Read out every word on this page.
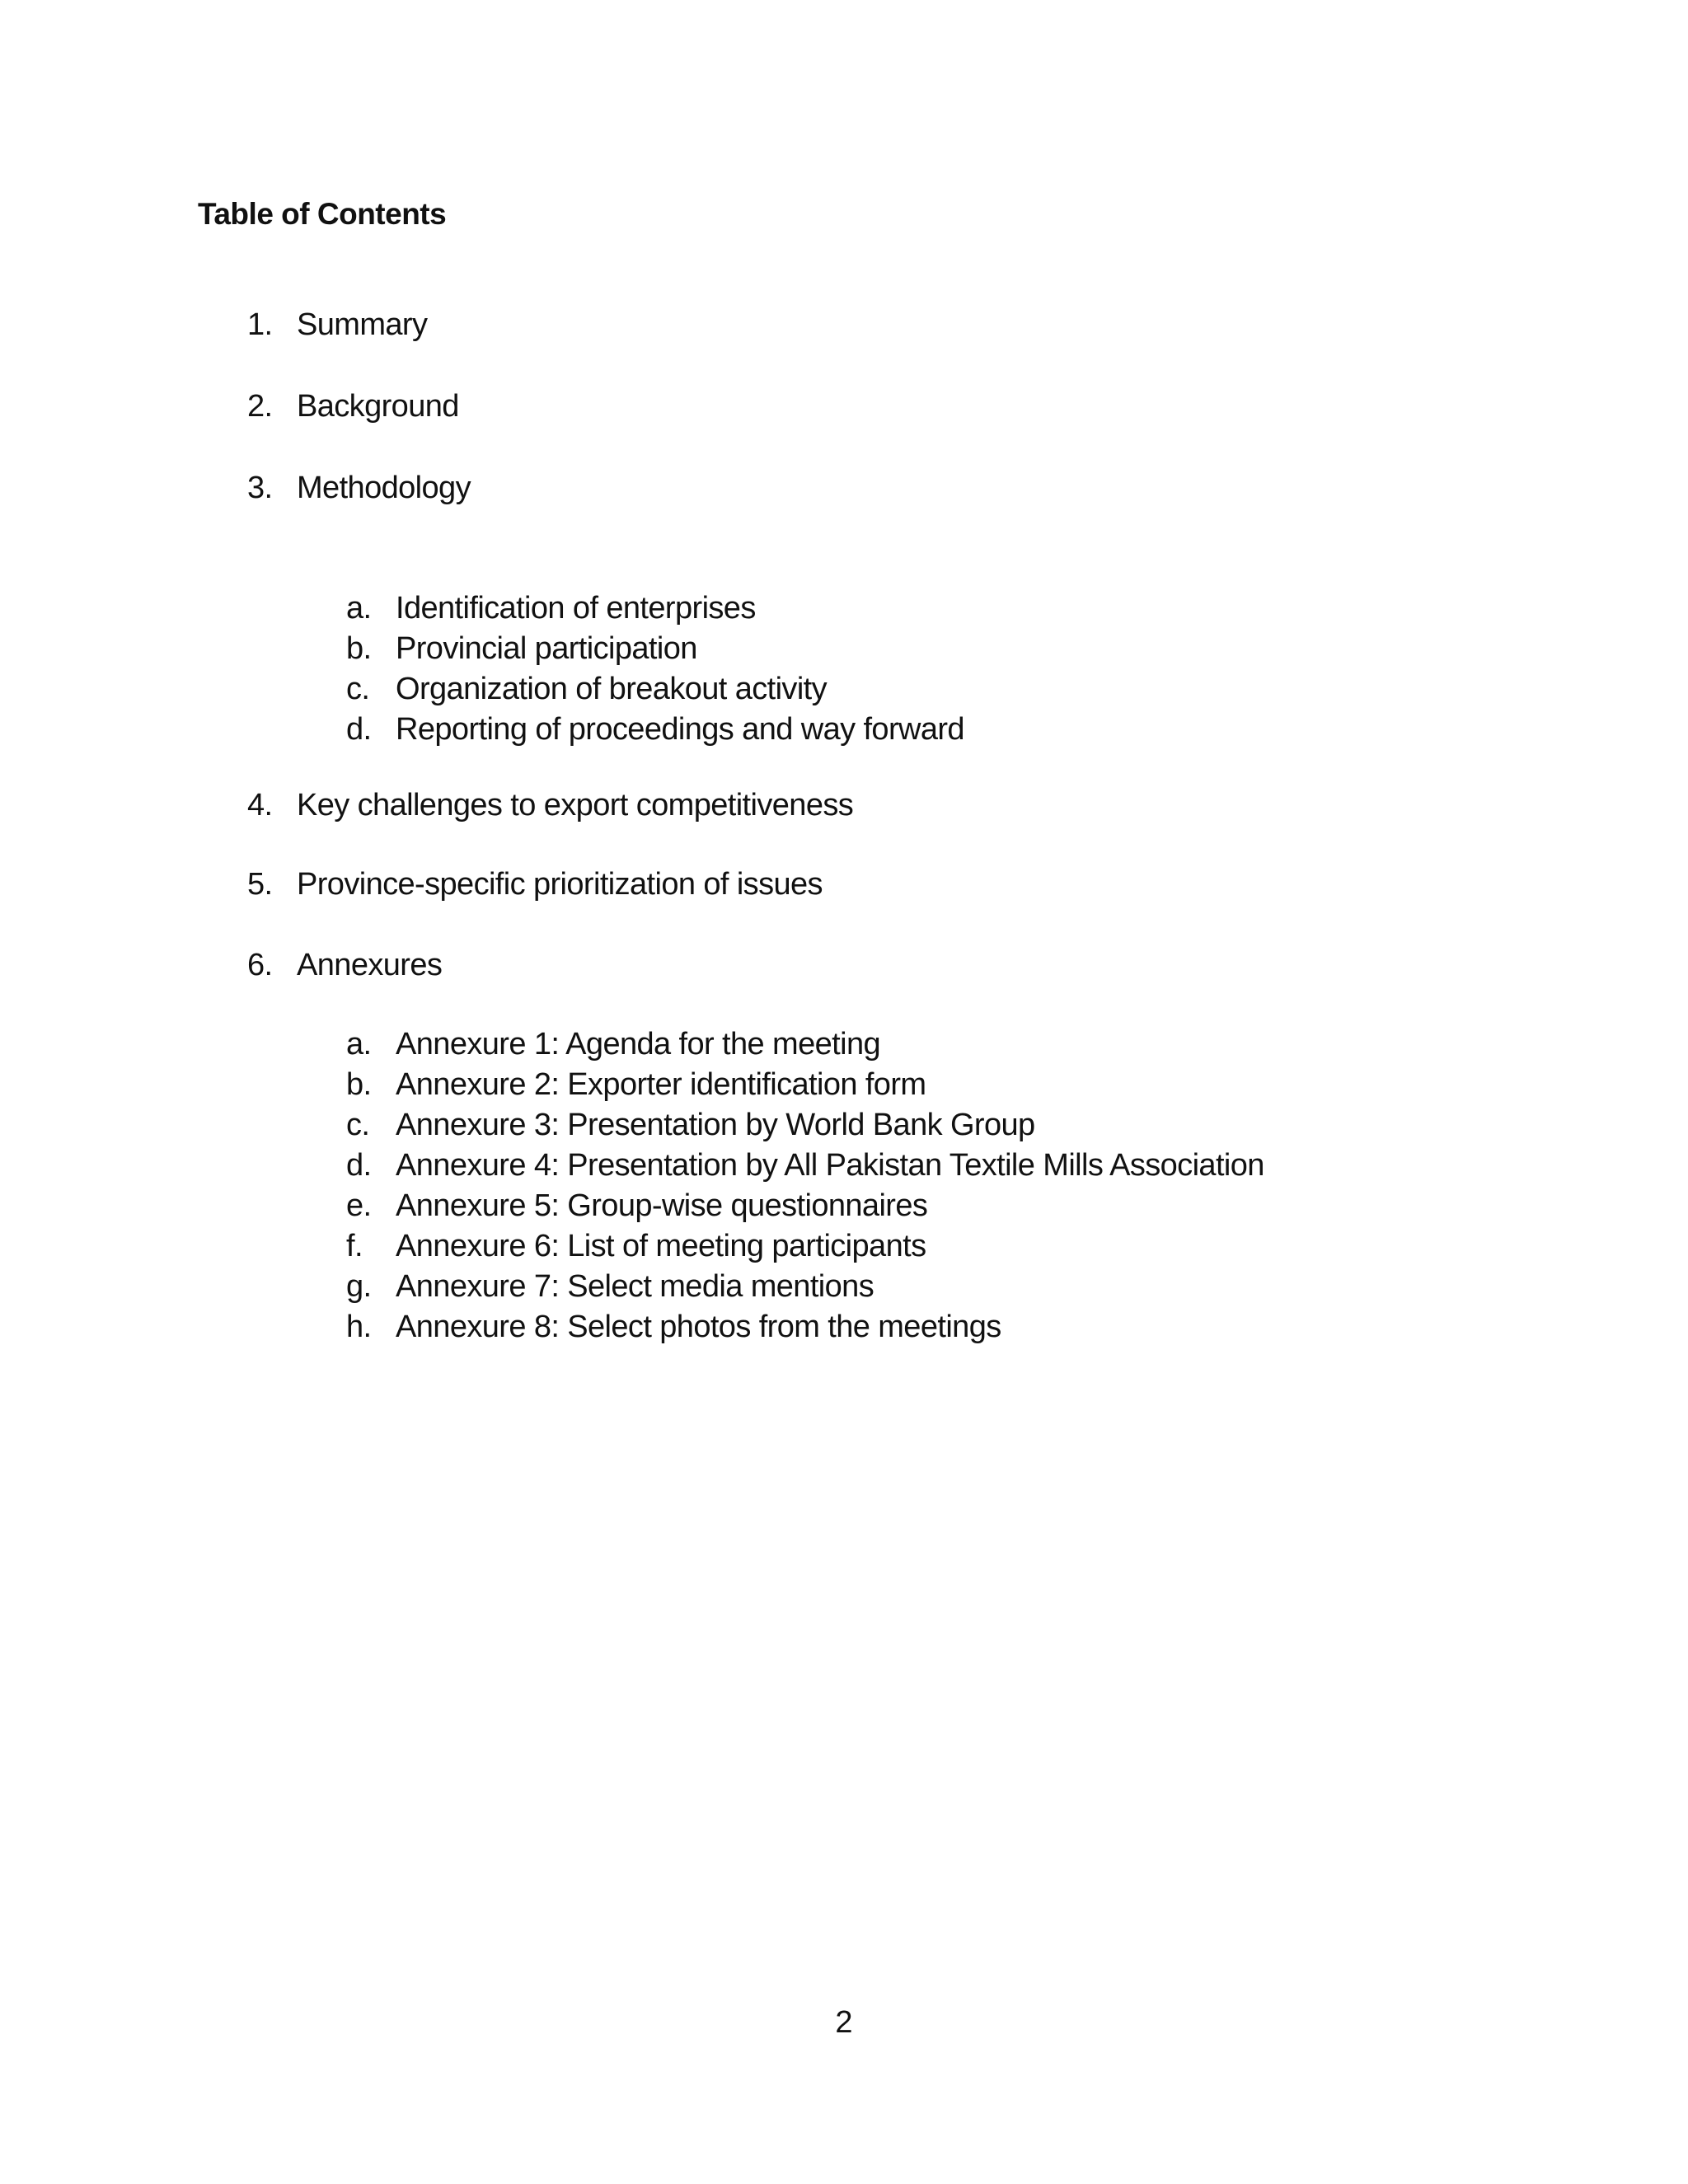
Table of Contents
1. Summary
2. Background
3. Methodology
a. Identification of enterprises
b. Provincial participation
c. Organization of breakout activity
d. Reporting of proceedings and way forward
4. Key challenges to export competitiveness
5. Province-specific prioritization of issues
6. Annexures
a. Annexure 1: Agenda for the meeting
b. Annexure 2: Exporter identification form
c. Annexure 3: Presentation by World Bank Group
d. Annexure 4: Presentation by All Pakistan Textile Mills Association
e. Annexure 5: Group-wise questionnaires
f.	Annexure 6: List of meeting participants
g. Annexure 7: Select media mentions
h. Annexure 8: Select photos from the meetings
2
